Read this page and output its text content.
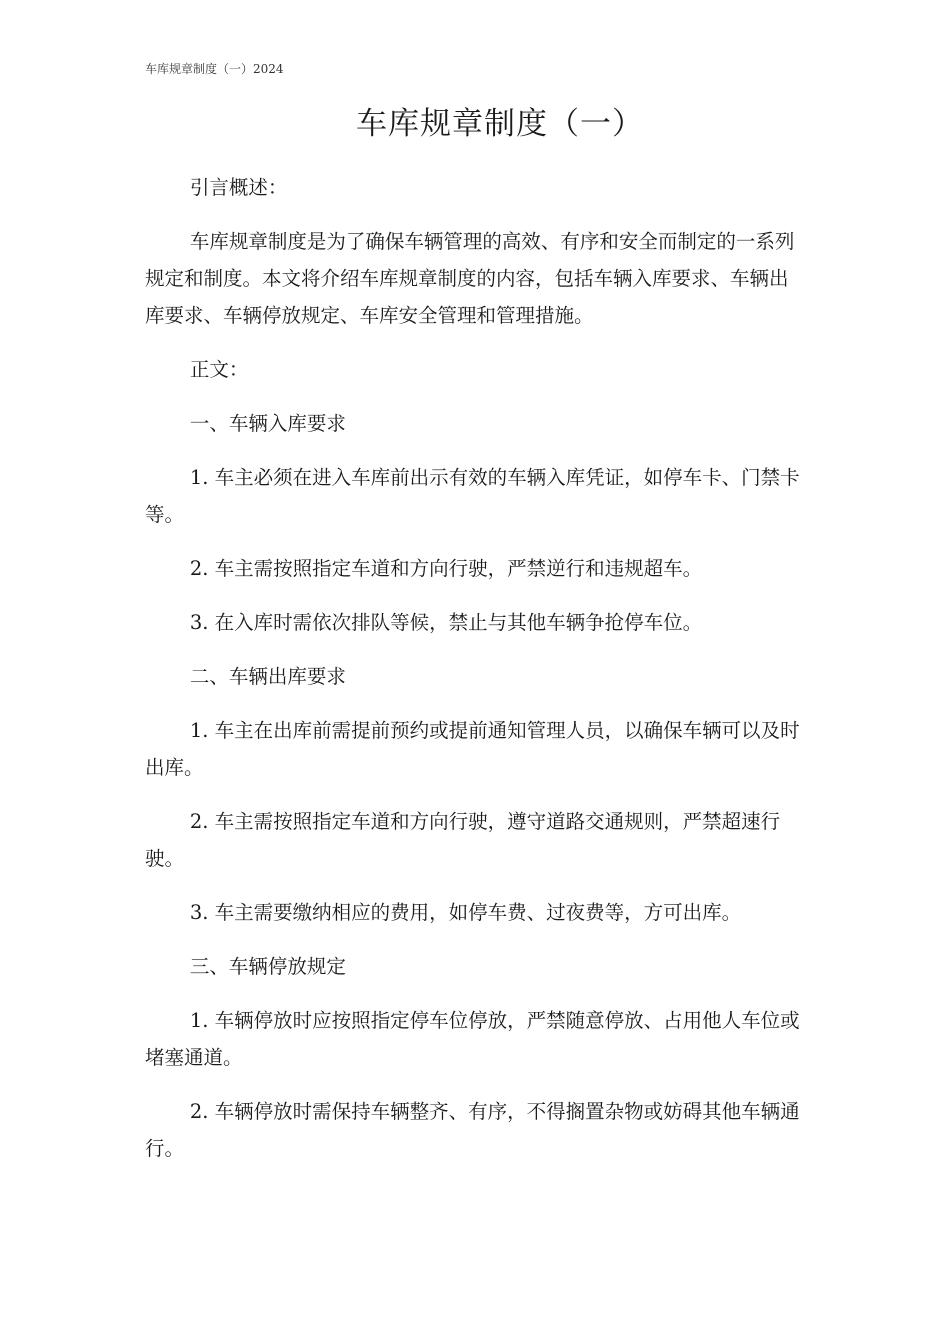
车库规章制度（一）2024
车库规章制度（一）

引言概述：

车库规章制度是为了确保车辆管理的高效、有序和安全而制定的一系列规定和制度。本文将介绍车库规章制度的内容，包括车辆入库要求、车辆出库要求、车辆停放规定、车库安全管理和管理措施。

正文：

一、车辆入库要求

1. 车主必须在进入车库前出示有效的车辆入库凭证，如停车卡、门禁卡等。

2. 车主需按照指定车道和方向行驶，严禁逆行和违规超车。

3. 在入库时需依次排队等候，禁止与其他车辆争抢停车位。

二、车辆出库要求

1. 车主在出库前需提前预约或提前通知管理人员，以确保车辆可以及时出库。

2. 车主需按照指定车道和方向行驶，遵守道路交通规则，严禁超速行驶。

3. 车主需要缴纳相应的费用，如停车费、过夜费等，方可出库。

三、车辆停放规定

1. 车辆停放时应按照指定停车位停放，严禁随意停放、占用他人车位或堵塞通道。

2. 车辆停放时需保持车辆整齐、有序，不得搁置杂物或妨碍其他车辆通行。
